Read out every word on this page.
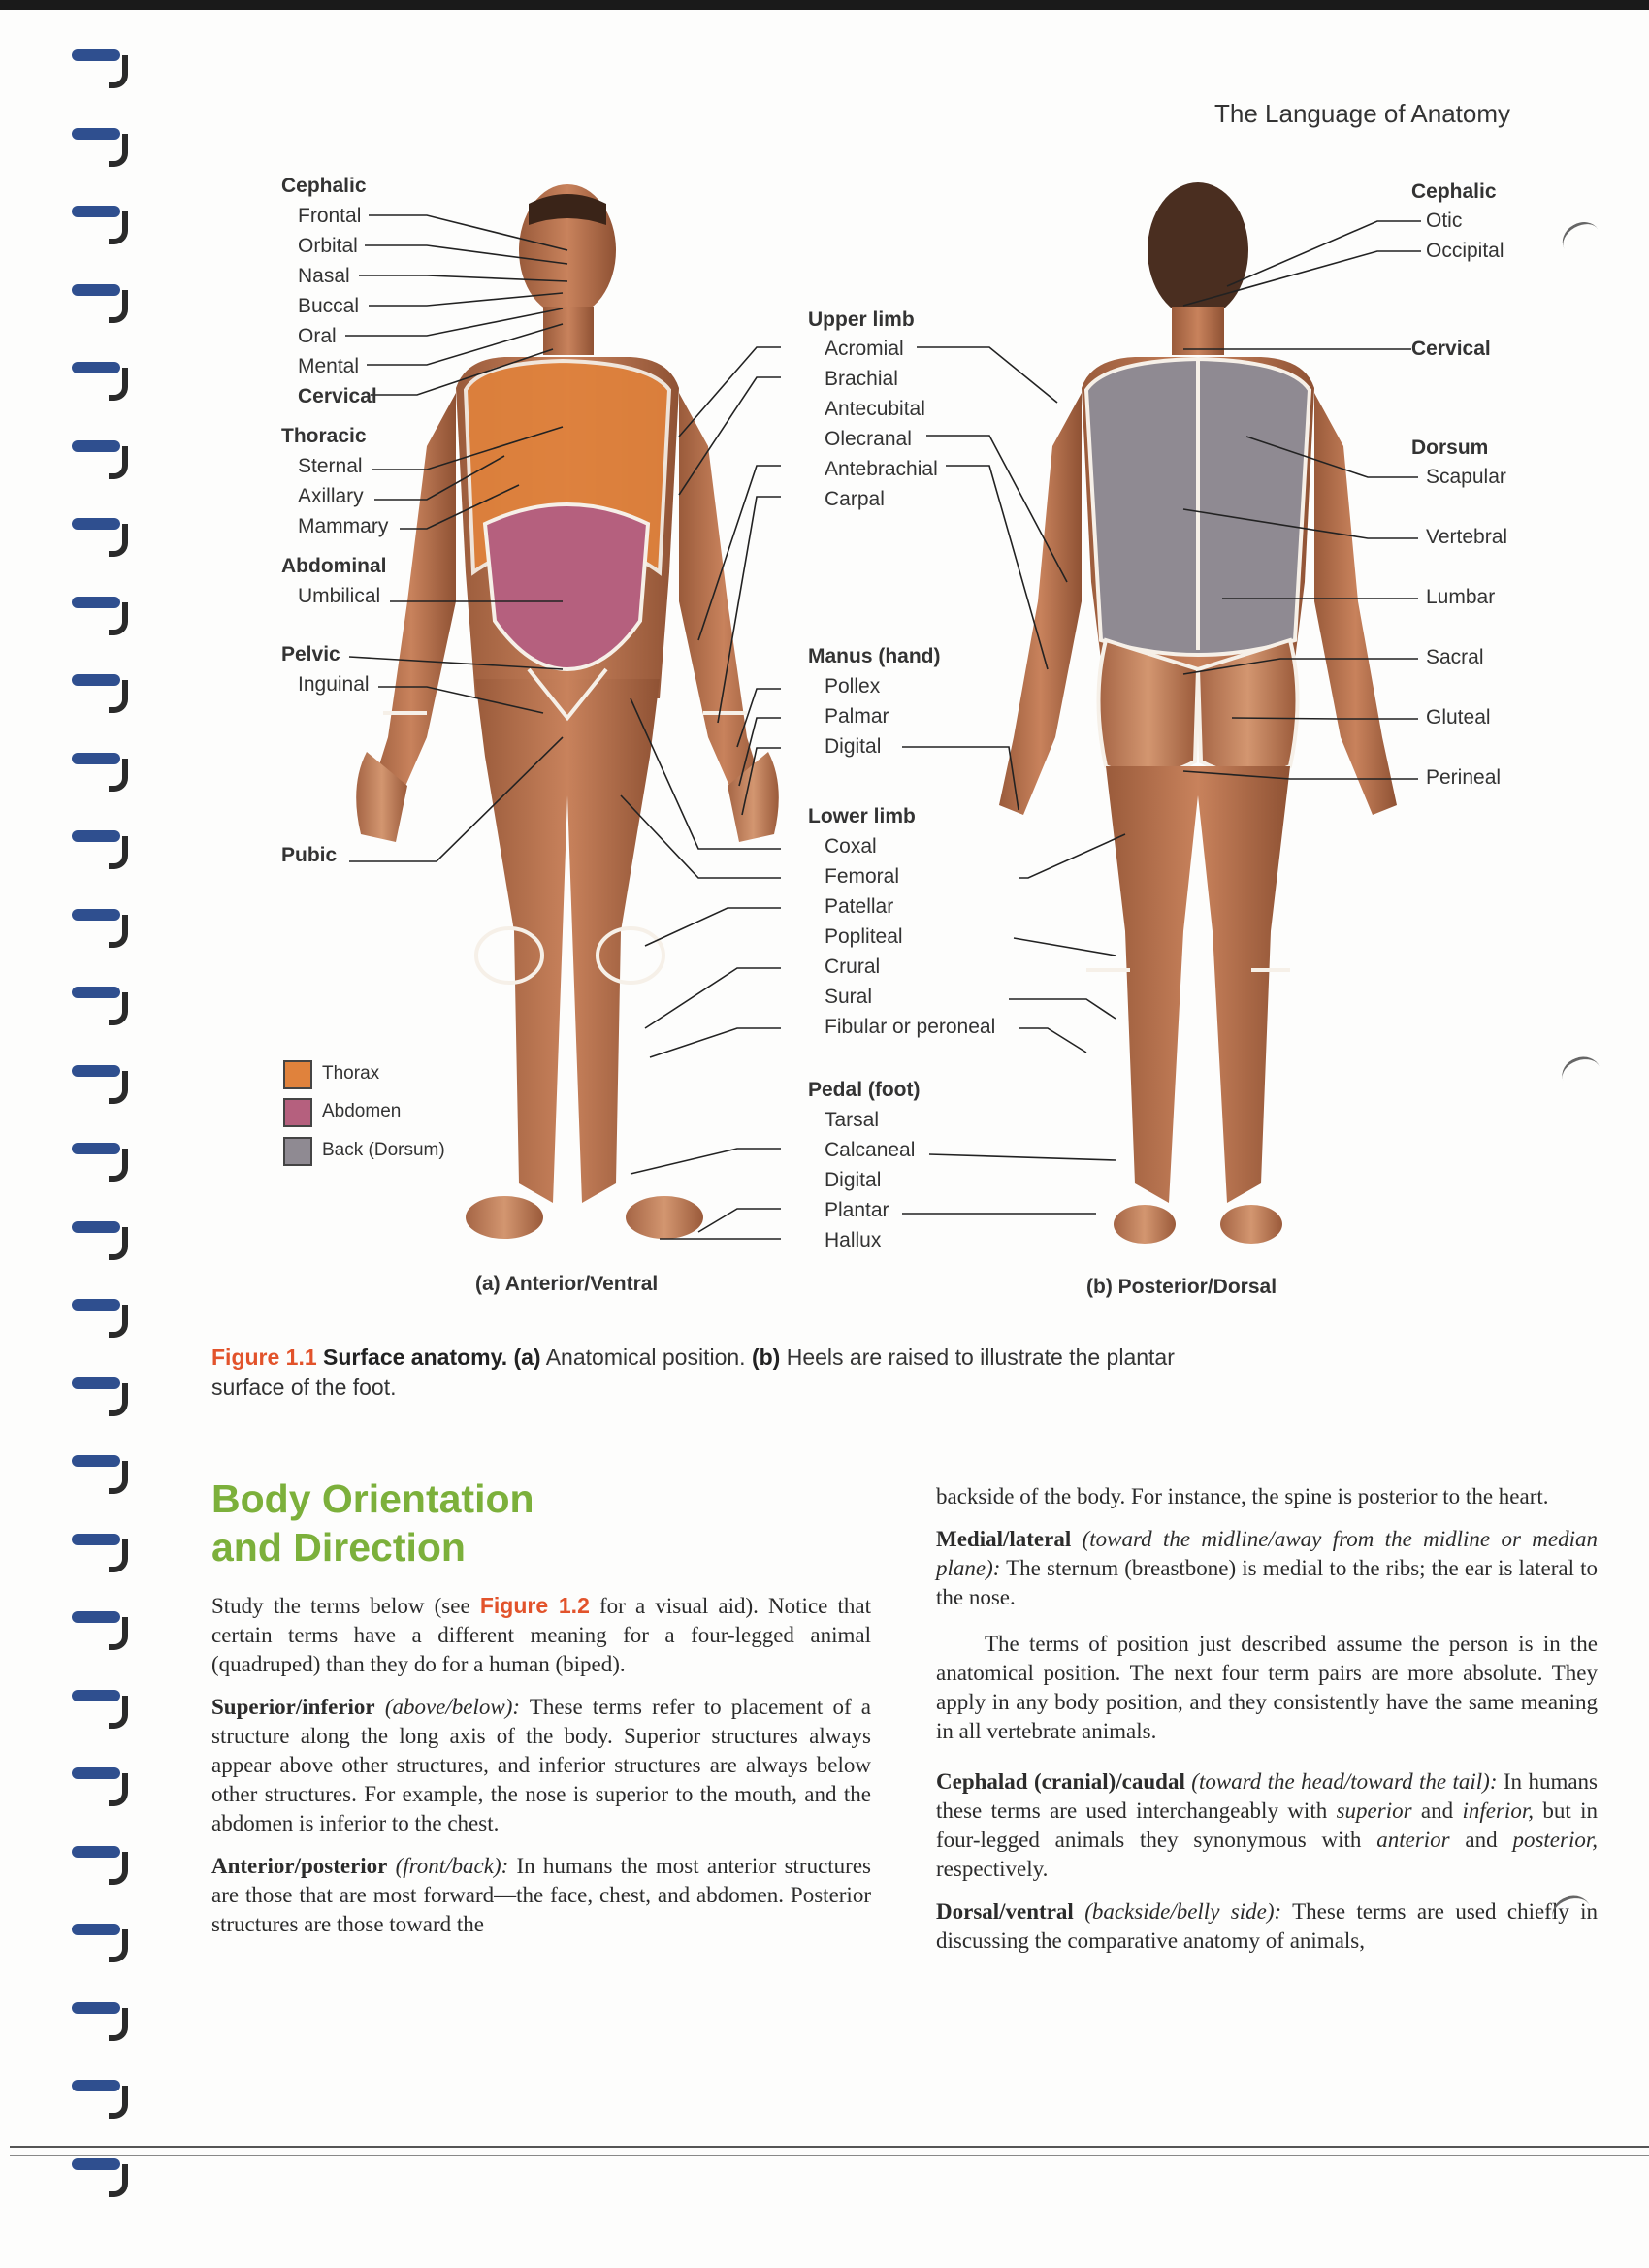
The Language of Anatomy
Cephalic
Frontal
Orbital
Nasal
Buccal
Oral
Mental
Cervical
Thoracic
Sternal
Axillary
Mammary
Abdominal
Umbilical
Pelvic
Inguinal
Pubic
Upper limb
Acromial
Brachial
Antecubital
Olecranal
Antebrachial
Carpal
Manus (hand)
Pollex
Palmar
Digital
Lower limb
Coxal
Femoral
Patellar
Popliteal
Crural
Sural
Fibular or peroneal
Pedal (foot)
Tarsal
Calcaneal
Digital
Plantar
Hallux
Cephalic
Otic
Occipital
Cervical
Dorsum
Scapular
Vertebral
Lumbar
Sacral
Gluteal
Perineal
Thorax
Abdomen
Back (Dorsum)
(a) Anterior/Ventral	(b) Posterior/Dorsal
Figure 1.1 Surface anatomy. (a) Anatomical position. (b) Heels are raised to illustrate the plantar surface of the foot.
Body Orientation
and Direction

Study the terms below (see Figure 1.2 for a visual aid). Notice that certain terms have a different meaning for a four-legged animal (quadruped) than they do for a human (biped).

Superior/inferior (above/below): These terms refer to placement of a structure along the long axis of the body. Superior structures always appear above other structures, and inferior structures are always below other structures. For example, the nose is superior to the mouth, and the abdomen is inferior to the chest.

Anterior/posterior (front/back): In humans the most anterior structures are those that are most forward—the face, chest, and abdomen. Posterior structures are those toward the

backside of the body. For instance, the spine is posterior to the heart.

Medial/lateral (toward the midline/away from the midline or median plane): The sternum (breastbone) is medial to the ribs; the ear is lateral to the nose.

The terms of position just described assume the person is in the anatomical position. The next four term pairs are more absolute. They apply in any body position, and they consistently have the same meaning in all vertebrate animals.

Cephalad (cranial)/caudal (toward the head/toward the tail): In humans these terms are used interchangeably with superior and inferior, but in four-legged animals they synonymous with anterior and posterior, respectively.

Dorsal/ventral (backside/belly side): These terms are used chiefly in discussing the comparative anatomy of animals,
